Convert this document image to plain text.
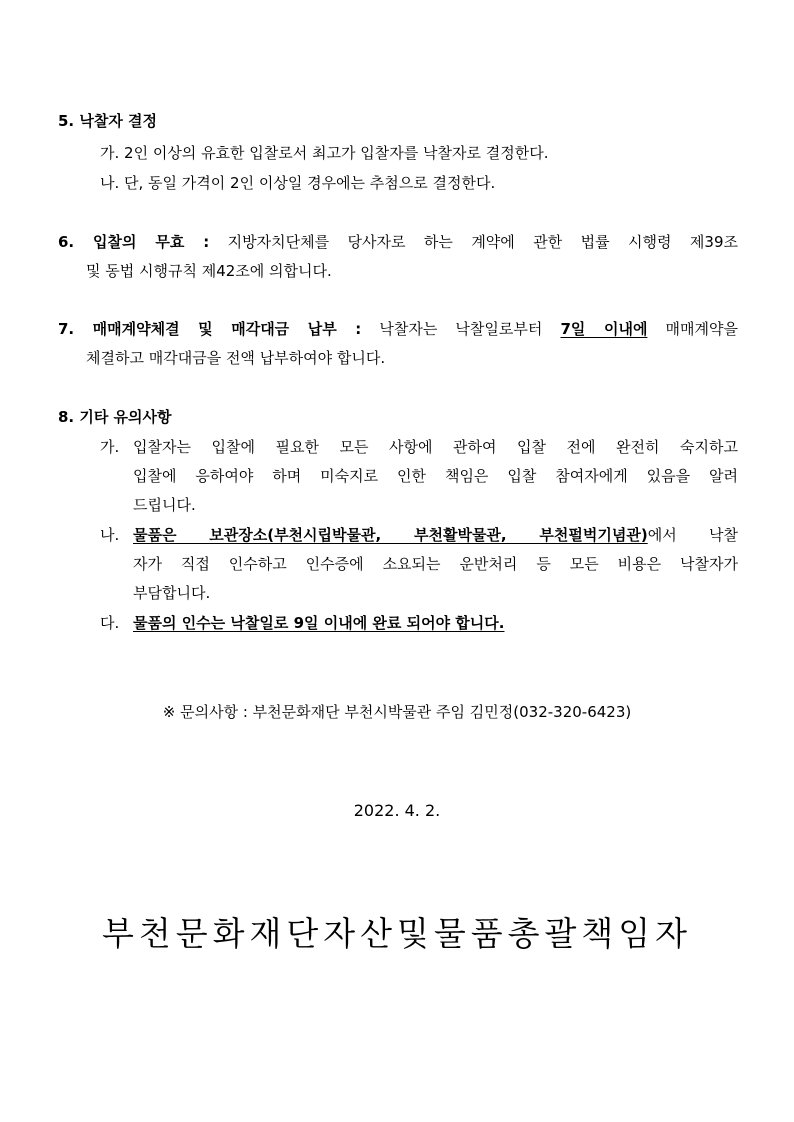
5. 낙찰자 결정
가. 2인 이상의 유효한 입찰로서 최고가 입찰자를 낙찰자로 결정한다.
나. 단, 동일 가격이 2인 이상일 경우에는 추첨으로 결정한다.
6. 입찰의 무효 : 지방자치단체를 당사자로 하는 계약에 관한 법률 시행령 제39조
및 동법 시행규칙 제42조에 의합니다.
7. 매매계약체결 및 매각대금 납부 : 낙찰자는 낙찰일로부터 7일 이내에 매매계약을
체결하고 매각대금을 전액 납부하여야 합니다.
8. 기타 유의사항
가. 입찰자는 입찰에 필요한 모든 사항에 관하여 입찰 전에 완전히 숙지하고
입찰에 응하여야 하며 미숙지로 인한 책임은 입찰 참여자에게 있음을 알려
드립니다.
나. 물품은 보관장소(부천시립박물관, 부천활박물관, 부천펄벅기념관)에서 낙찰
자가 직접 인수하고 인수증에 소요되는 운반처리 등 모든 비용은 낙찰자가
부담합니다.
다. 물품의 인수는 낙찰일로 9일 이내에 완료 되어야 합니다.
※ 문의사항 : 부천문화재단 부천시박물관 주임 김민정(032-320-6423)
2022. 4. 2.
부천문화재단자산및물품총괄책임자
